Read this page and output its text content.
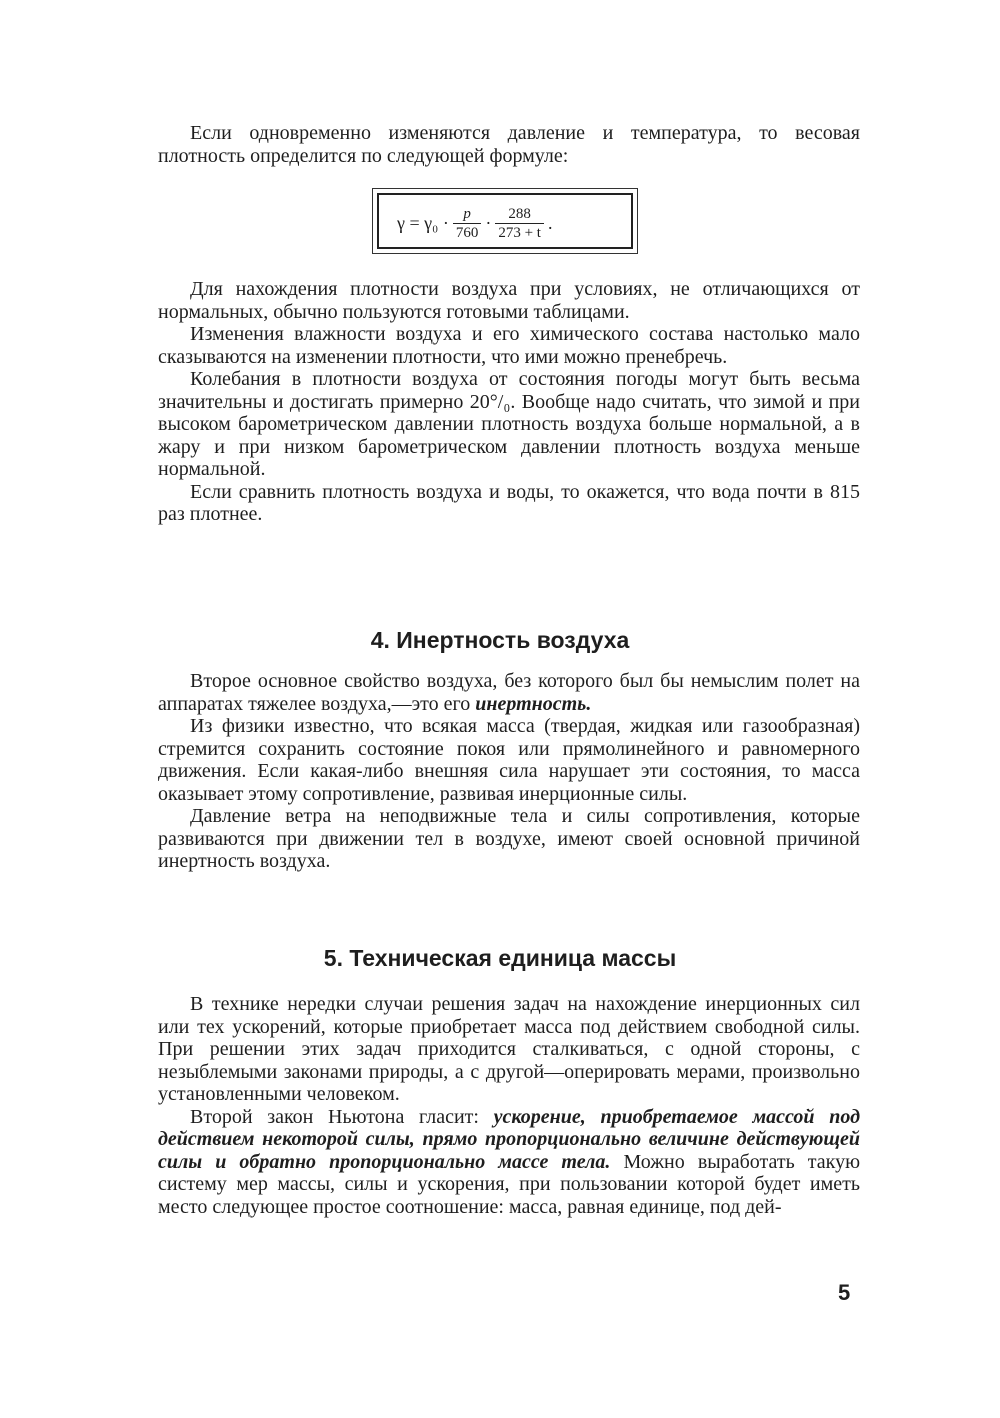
Если одновременно изменяются давление и температура, то весовая плотность определится по следующей формуле:

$\gamma = \gamma_0 \cdot \frac{p}{760} \cdot \frac{288}{273 + t}$ .

Для нахождения плотности воздуха при условиях, не отличающихся от нормальных, обычно пользуются готовыми таблицами.

Изменения влажности воздуха и его химического состава настолько мало сказываются на изменении плотности, что ими можно пренебречь.

Колебания в плотности воздуха от состояния погоды могут быть весьма значительны и достигать примерно 20°/₀. Вообще надо считать, что зимой и при высоком барометрическом давлении плотность воздуха больше нормальной, а в жару и при низком барометрическом давлении плотность воздуха меньше нормальной.

Если сравнить плотность воздуха и воды, то окажется, что вода почти в 815 раз плотнее.

4. Инертность воздуха

Второе основное свойство воздуха, без которого был бы немыслим полет на аппаратах тяжелее воздуха,—это его инертность.

Из физики известно, что всякая масса (твердая, жидкая или газообразная) стремится сохранить состояние покоя или прямолинейного и равномерного движения. Если какая-либо внешняя сила нарушает эти состояния, то масса оказывает этому сопротивление, развивая инерционные силы.

Давление ветра на неподвижные тела и силы сопротивления, которые развиваются при движении тел в воздухе, имеют своей основной причиной инертность воздуха.

5. Техническая единица массы

В технике нередки случаи решения задач на нахождение инерционных сил или тех ускорений, которые приобретает масса под действием свободной силы. При решении этих задач приходится сталкиваться, с одной стороны, с незыблемыми законами природы, а с другой—оперировать мерами, произвольно установленными человеком.

Второй закон Ньютона гласит: ускорение, приобретаемое массой под действием некоторой силы, прямо пропорционально величине действующей силы и обратно пропорционально массе тела. Можно выработать такую систему мер массы, силы и ускорения, при пользовании которой будет иметь место следующее простое соотношение: масса, равная единице, под дей-

5
